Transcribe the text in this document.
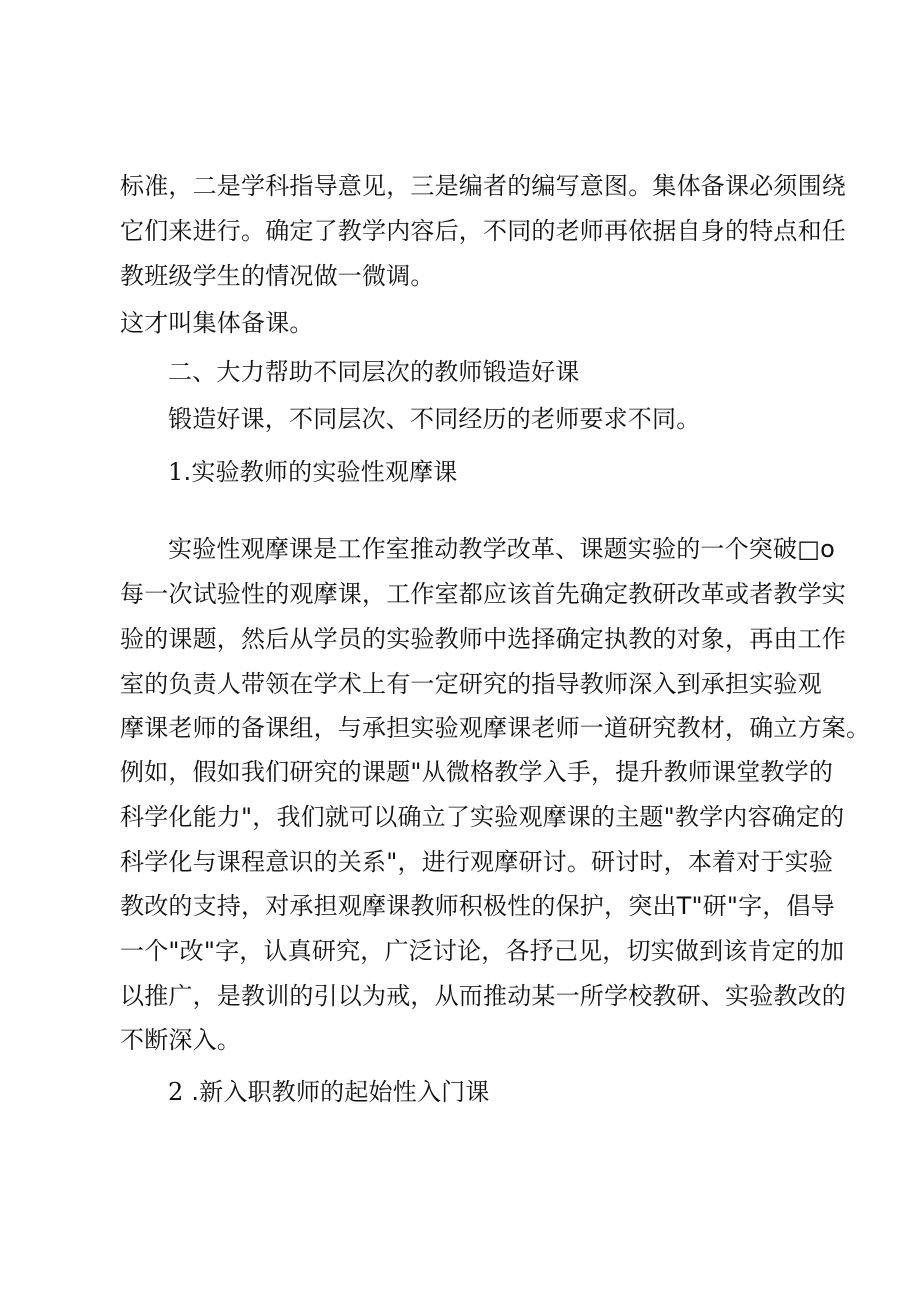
标准，二是学科指导意见，三是编者的编写意图。集体备课必须围绕
它们来进行。确定了教学内容后，不同的老师再依据自身的特点和任
教班级学生的情况做一微调。
这才叫集体备课。
二、大力帮助不同层次的教师锻造好课
锻造好课，不同层次、不同经历的老师要求不同。
1.实验教师的实验性观摩课
实验性观摩课是工作室推动教学改革、课题实验的一个突破□o
每一次试验性的观摩课，工作室都应该首先确定教研改革或者教学实
验的课题，然后从学员的实验教师中选择确定执教的对象，再由工作
室的负责人带领在学术上有一定研究的指导教师深入到承担实验观
摩课老师的备课组，与承担实验观摩课老师一道研究教材，确立方案。
例如，假如我们研究的课题"从微格教学入手，提升教师课堂教学的
科学化能力"，我们就可以确立了实验观摩课的主题"教学内容确定的
科学化与课程意识的关系"，进行观摩研讨。研讨时，本着对于实验
教改的支持，对承担观摩课教师积极性的保护，突出T"研"字，倡导
一个"改"字，认真研究，广泛讨论，各抒己见，切实做到该肯定的加
以推广，是教训的引以为戒，从而推动某一所学校教研、实验教改的
不断深入。
2 .新入职教师的起始性入门课
